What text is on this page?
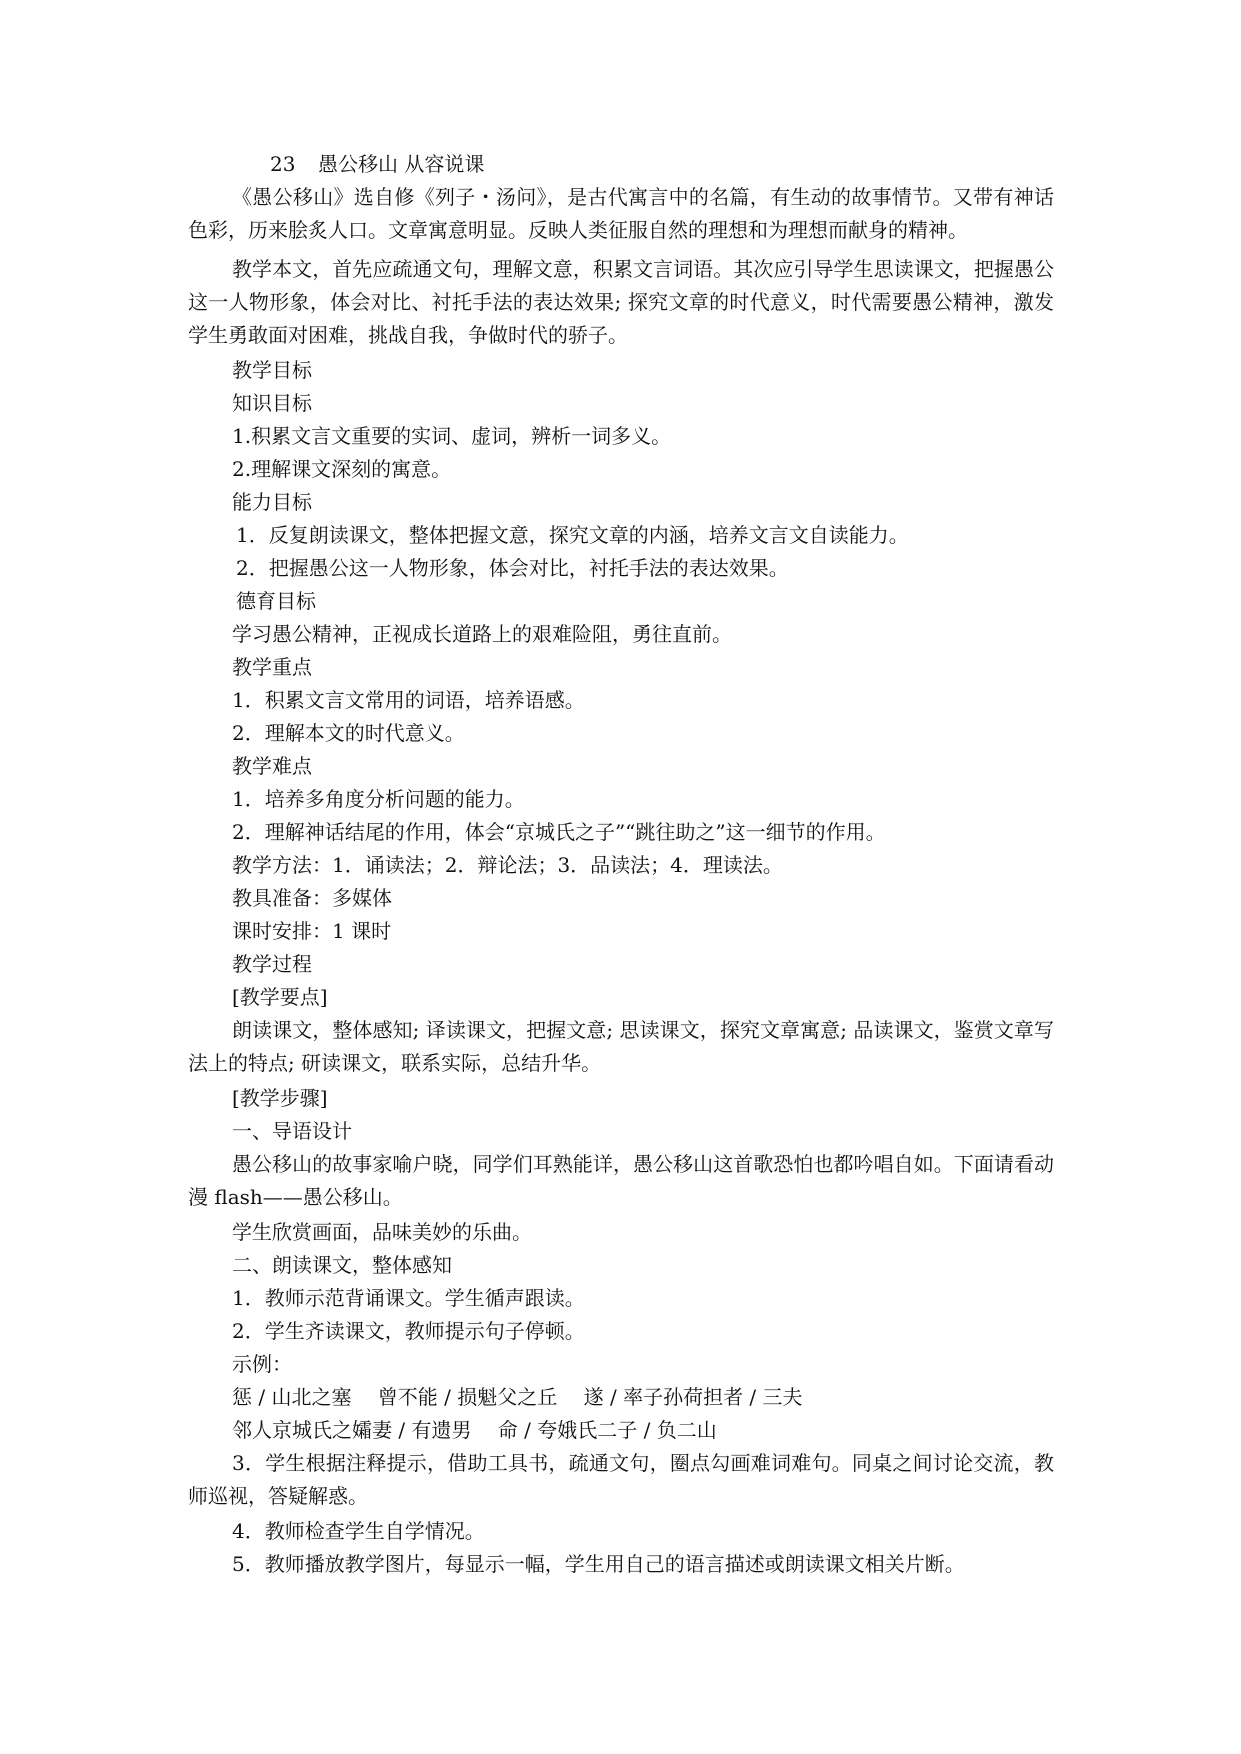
23 愚公移山 从容说课

《愚公移山》选自修《列子・汤问》，是古代寓言中的名篇，有生动的故事情节。又带有神话色彩，历来脍炙人口。文章寓意明显。反映人类征服自然的理想和为理想而献身的精神。

教学本文，首先应疏通文句，理解文意，积累文言词语。其次应引导学生思读课文，把握愚公这一人物形象，体会对比、衬托手法的表达效果; 探究文章的时代意义，时代需要愚公精神，激发学生勇敢面对困难，挑战自我，争做时代的骄子。

教学目标
知识目标
1.积累文言文重要的实词、虚词，辨析一词多义。
2.理解课文深刻的寓意。
能力目标
1．反复朗读课文，整体把握文意，探究文章的内涵，培养文言文自读能力。
2．把握愚公这一人物形象，体会对比，衬托手法的表达效果。
德育目标
学习愚公精神，正视成长道路上的艰难险阻，勇往直前。
教学重点
1．积累文言文常用的词语，培养语感。
2．理解本文的时代意义。
教学难点
1．培养多角度分析问题的能力。
2．理解神话结尾的作用，体会“京城氏之子”“跳往助之”这一细节的作用。
教学方法：1．诵读法；2．辩论法；3．品读法；4．理读法。
教具准备：多媒体
课时安排：1 课时
教学过程
[教学要点]

朗读课文，整体感知; 译读课文，把握文意; 思读课文，探究文章寓意; 品读课文，鉴赏文章写法上的特点; 研读课文，联系实际，总结升华。

[教学步骤]
一、导语设计

愚公移山的故事家喻户晓，同学们耳熟能详，愚公移山这首歌恐怕也都吟唱自如。下面请看动漫 flash——愚公移山。

学生欣赏画面，品味美妙的乐曲。
二、朗读课文，整体感知
1．教师示范背诵课文。学生循声跟读。
2．学生齐读课文，教师提示句子停顿。
示例：
惩 / 山北之塞　 曾不能 / 损魁父之丘　 遂 / 率子孙荷担者 / 三夫
邻人京城氏之孀妻 / 有遗男　 命 / 夸娥氏二子 / 负二山

3．学生根据注释提示，借助工具书，疏通文句，圈点勾画难词难句。同桌之间讨论交流，教师巡视，答疑解惑。

4．教师检查学生自学情况。
5．教师播放教学图片，每显示一幅，学生用自己的语言描述或朗读课文相关片断。
